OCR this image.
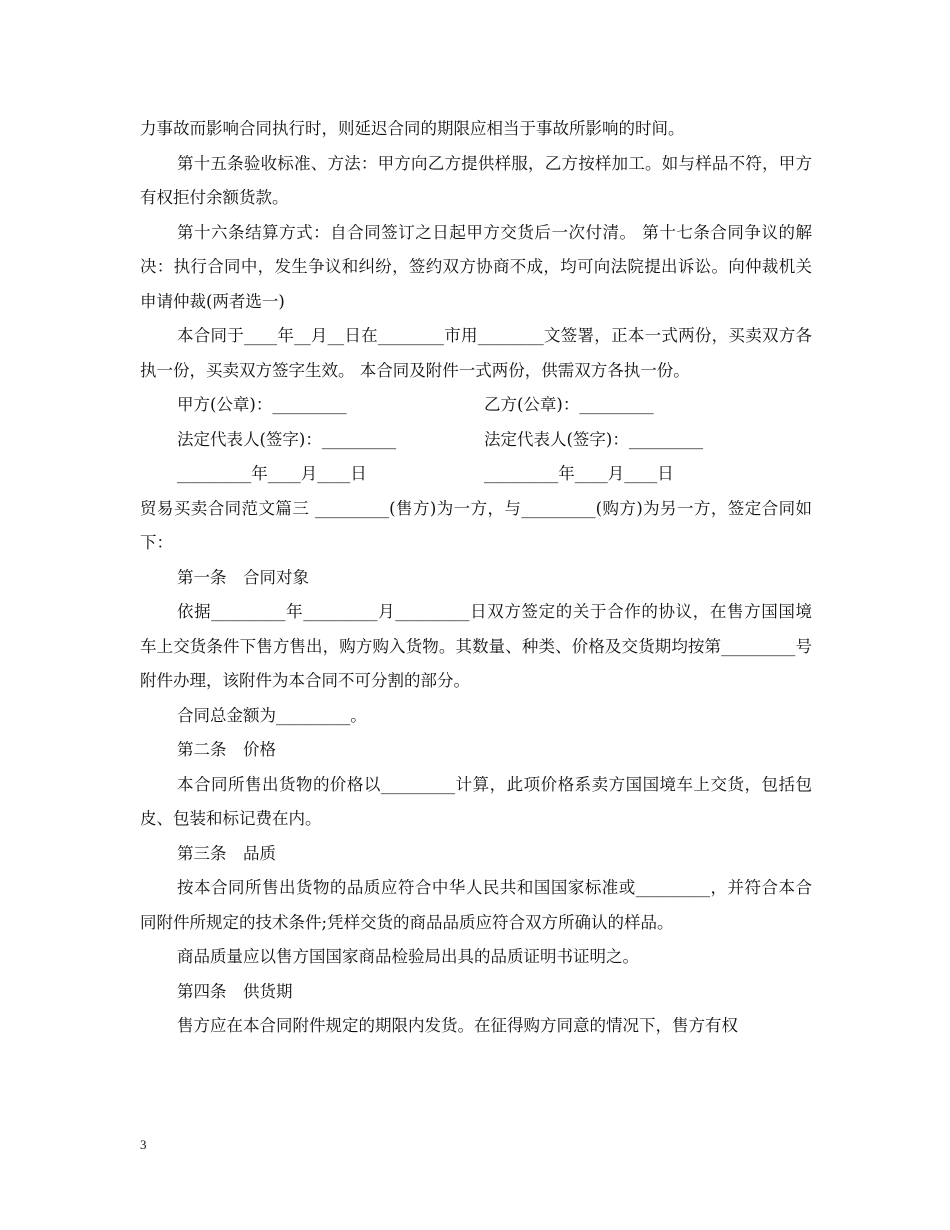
力事故而影响合同执行时，则延迟合同的期限应相当于事故所影响的时间。

第十五条验收标准、方法：甲方向乙方提供样服，乙方按样加工。如与样品不符，甲方有权拒付余额货款。

第十六条结算方式：自合同签订之日起甲方交货后一次付清。 第十七条合同争议的解决：执行合同中，发生争议和纠纷，签约双方协商不成，均可向法院提出诉讼。向仲裁机关申请仲裁(两者选一)

本合同于____年__月__日在________市用________文签署，正本一式两份，买卖双方各执一份，买卖双方签字生效。 本合同及附件一式两份，供需双方各执一份。

甲方(公章)：_________	乙方(公章)：_________
法定代表人(签字)：_________	法定代表人(签字)：_________
_________年____月____日	_________年____月____日

贸易买卖合同范文篇三 _________(售方)为一方，与_________(购方)为另一方，签定合同如下：

第一条　合同对象

依据_________年_________月_________日双方签定的关于合作的协议，在售方国国境车上交货条件下售方售出，购方购入货物。其数量、种类、价格及交货期均按第_________号附件办理，该附件为本合同不可分割的部分。

合同总金额为_________。

第二条　价格

本合同所售出货物的价格以_________计算，此项价格系卖方国国境车上交货，包括包皮、包装和标记费在内。

第三条　品质

按本合同所售出货物的品质应符合中华人民共和国国家标准或_________，并符合本合同附件所规定的技术条件;凭样交货的商品品质应符合双方所确认的样品。

商品质量应以售方国国家商品检验局出具的品质证明书证明之。

第四条　供货期

售方应在本合同附件规定的期限内发货。在征得购方同意的情况下，售方有权

3
